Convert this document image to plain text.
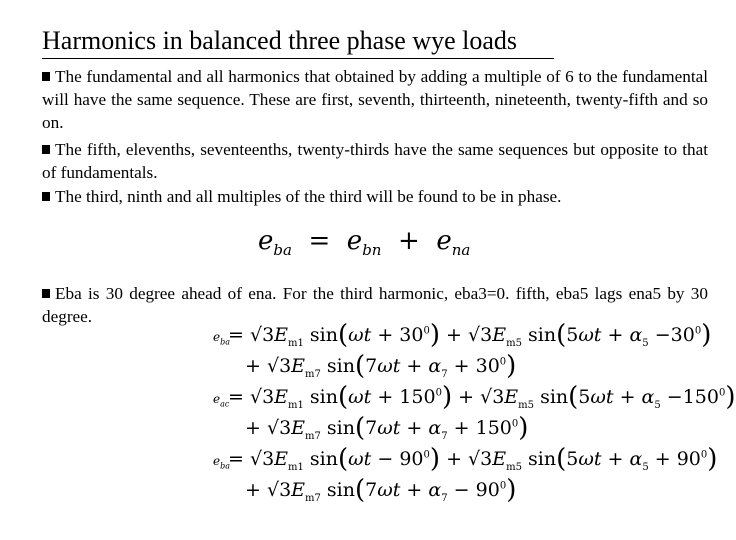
Harmonics in balanced three phase wye loads
The fundamental and all harmonics that obtained by adding a multiple of 6 to the fundamental will have the same sequence. These are first, seventh, thirteenth, nineteenth, twenty-fifth and so on.
The fifth, elevenths, seventeenths, twenty-thirds have the same sequences but opposite to that of fundamentals.
The third, ninth and all multiples of the third will be found to be in phase.
$e_{ba} = e_{bn} + e_{na}$
Eba is 30 degree ahead of ena. For the third harmonic, eba3=0. fifth, eba5 lags ena5 by 30 degree.
$e_{ba}$
= $√3E_{m1}$ $\sin(\omega t + 30^0) + √3E_{m5}$ $\sin(5\omega t + \alpha_5 -30^0)$
+ $√3E_{m7}$ $\sin(7\omega t + \alpha_7 + 30^0)$
$e_{ac}$
= $√3E_{m1}$ $\sin(\omega t + 150^0) + √3E_{m5}$ $\sin(5\omega t + \alpha_5 -150^0)$
+ $√3E_{m7}$ $\sin(7\omega t + \alpha_7 + 150^0)$
$e_{ba}$
= $√3E_{m1}$ $\sin(\omega t - 90^0) + √3E_{m5}$ $\sin(5\omega t + \alpha_5 + 90^0)$
+ $√3E_{m7}$ $\sin(7\omega t + \alpha_7 - 90^0)$
